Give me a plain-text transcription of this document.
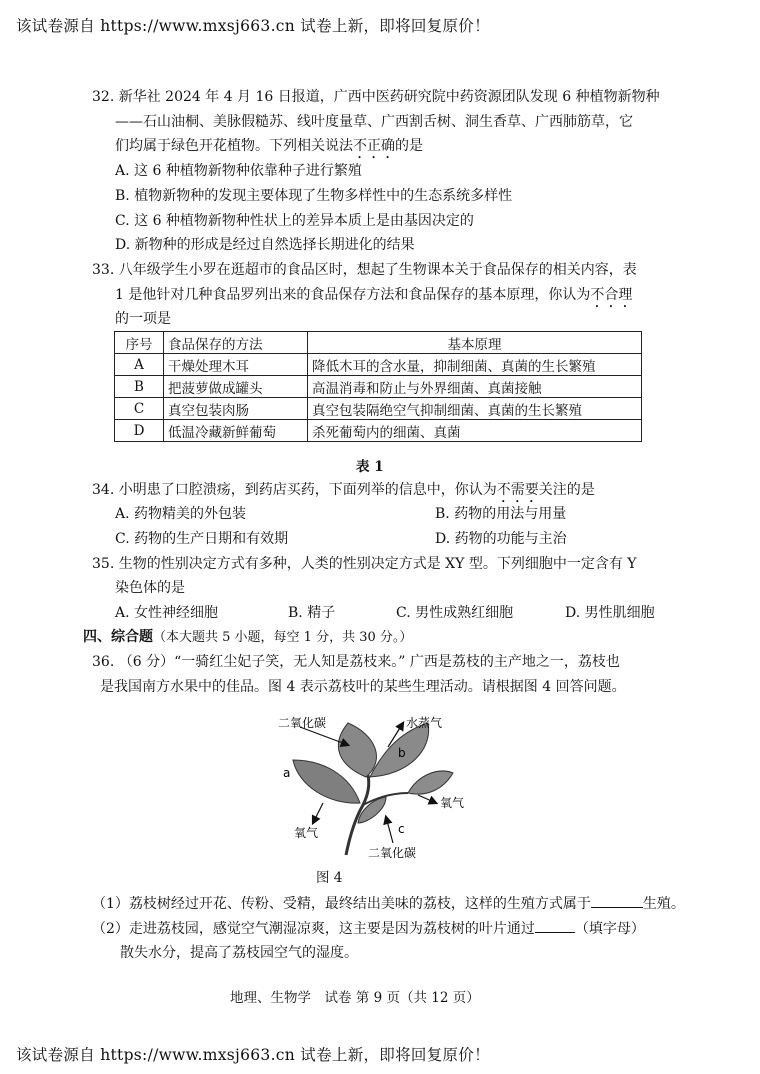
该试卷源自 https://www.mxsj663.cn 试卷上新，即将回复原价！
32. 新华社 2024 年 4 月 16 日报道，广西中医药研究院中药资源团队发现 6 种植物新物种
——石山油桐、美脉假糙苏、线叶度量草、广西割舌树、洞生香草、广西肺筋草，它
们均属于绿色开花植物。下列相关说法不正确的是
A. 这 6 种植物新物种依靠种子进行繁殖
B. 植物新物种的发现主要体现了生物多样性中的生态系统多样性
C. 这 6 种植物新物种性状上的差异本质上是由基因决定的
D. 新物种的形成是经过自然选择长期进化的结果
33. 八年级学生小罗在逛超市的食品区时，想起了生物课本关于食品保存的相关内容，表
1 是他针对几种食品罗列出来的食品保存方法和食品保存的基本原理，你认为不合理
的一项是
序号	食品保存的方法	基本原理
A	干燥处理木耳	降低木耳的含水量，抑制细菌、真菌的生长繁殖
B	把菠萝做成罐头	高温消毒和防止与外界细菌、真菌接触
C	真空包装肉肠	真空包装隔绝空气抑制细菌、真菌的生长繁殖
D	低温冷藏新鲜葡萄	杀死葡萄内的细菌、真菌
表 1
34. 小明患了口腔溃疡，到药店买药，下面列举的信息中，你认为不需要关注的是
A. 药物精美的外包装	B. 药物的用法与用量
C. 药物的生产日期和有效期	D. 药物的功能与主治
35. 生物的性别决定方式有多种，人类的性别决定方式是 XY 型。下列细胞中一定含有 Y
染色体的是
A. 女性神经细胞	B. 精子	C. 男性成熟红细胞	D. 男性肌细胞
四、综合题（本大题共 5 小题，每空 1 分，共 30 分。）
36. （6 分）“一骑红尘妃子笑，无人知是荔枝来。” 广西是荔枝的主产地之一，荔枝也
是我国南方水果中的佳品。图 4 表示荔枝叶的某些生理活动。请根据图 4 回答问题。
二氧化碳	水蒸气
b
a
氧气
c
氧气
二氧化碳
图 4
（1）荔枝树经过开花、传粉、受精，最终结出美味的荔枝，这样的生殖方式属于	生殖。
（2）走进荔枝园，感觉空气潮湿凉爽，这主要是因为荔枝树的叶片通过	（填字母）
散失水分，提高了荔枝园空气的湿度。
地理、生物学　试卷 第 9 页（共 12 页）
该试卷源自 https://www.mxsj663.cn 试卷上新，即将回复原价！
